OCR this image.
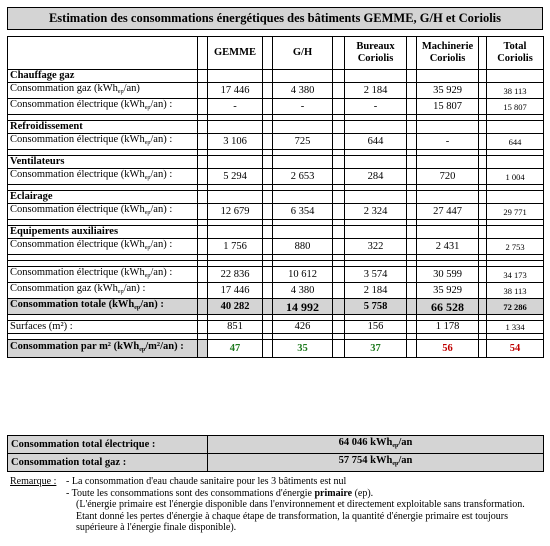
Estimation des consommations énergétiques des bâtiments GEMME, G/H et Coriolis
		GEMME		G/H		Bureaux Coriolis		Machinerie Coriolis		Total Coriolis
Chauffage gaz										
Consommation gaz (kWh$_{ep}$/an)		17 446		4 380		2 184		35 929		38 113
Consommation électrique (kWh$_{ep}$/an) :		-		-		-		15 807		15 807

Refroidissement										
Consommation électrique (kWh$_{ep}$/an) :		3 106		725		644		-		644

Ventilateurs										
Consommation électrique (kWh$_{ep}$/an) :		5 294		2 653		284		720		1 004

Eclairage										
Consommation électrique (kWh$_{ep}$/an) :		12 679		6 354		2 324		27 447		29 771

Equipements auxiliaires										
Consommation électrique (kWh$_{ep}$/an) :		1 756		880		322		2 431		2 753

Consommation électrique (kWh$_{ep}$/an) :		22 836		10 612		3 574		30 599		34 173
Consommation gaz (kWh$_{ep}$/an) :		17 446		4 380		2 184		35 929		38 113
Consommation totale (kWh$_{ep}$/an) :		40 282		14 992		5 758		66 528		72 286

Surfaces (m²) :		851		426		156		1 178		1 334

Consommation par m² (kWh$_{ep}$/m²/an) :		47		35		37		56		54
Consommation total électrique :	64 046 kWh$_{ep}$/an
Consommation total gaz :	57 754 kWh$_{ep}$/an
Remarque : - La consommation d'eau chaude sanitaire pour les 3 bâtiments est nul
- Toute les consommations sont des consommations d'énergie primaire (ep).
(L'énergie primaire est l'énergie disponible dans l'environnement et directement exploitable sans transformation. Etant donné les pertes d'énergie à chaque étape de transformation, la quantité d'énergie primaire est toujours supérieure à l'énergie finale disponible).
